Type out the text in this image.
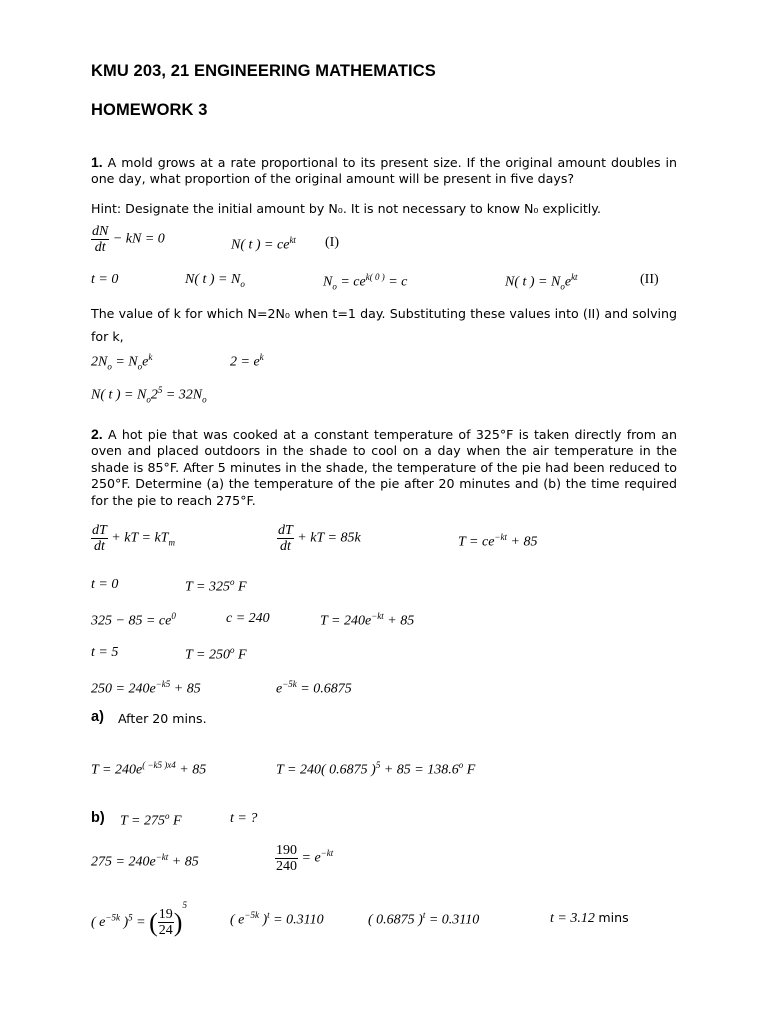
KMU 203, 21 ENGINEERING MATHEMATICS
HOMEWORK 3

1. A mold grows at a rate proportional to its present size. If the original amount doubles in one day, what proportion of the original amount will be present in five days?

Hint: Designate the initial amount by N₀. It is not necessary to know N₀ explicitly.

$\frac{dN}{dt}$ − kN = 0	N( t ) = $ce^{kt}$ (I)
t = 0	N( t ) = $N_o$	$N_o = ce^{k( 0 )} = c$	N( t ) = $N_oe^{kt}$	(II)

The value of k for which N=2N₀ when t=1 day. Substituting these values into (II) and solving for k,

$2N_o = N_oe^k$	$2 = e^k$
N( t ) = $N_o2^5 = 32N_o$

2. A hot pie that was cooked at a constant temperature of 325°F is taken directly from an oven and placed outdoors in the shade to cool on a day when the air temperature in the shade is 85°F. After 5 minutes in the shade, the temperature of the pie had been reduced to 250°F. Determine (a) the temperature of the pie after 20 minutes and (b) the time required for the pie to reach 275°F.

$\frac{dT}{dt}$ + kT = $kT_m$	$\frac{dT}{dt}$ + kT = 85k	$T = ce^{-kt} + 85$
t = 0	$T = 325^o$ F
$325 - 85 = ce^0$	c = 240	$T = 240e^{-kt} + 85$
t = 5	$T = 250^o$ F
$250 = 240e^{-k5} + 85$	$e^{-5k} = 0.6875$
a) After 20 mins.
$T = 240e^{( -k5 )x4} + 85$	T = 240( 0.6875 )$^5 + 85 = 138.6^o$ F
b) $T = 275^o$ F	t = ?
$275 = 240e^{-kt} + 85$	$\frac{190}{240} = e^{-kt}$
( $e^{-5k}$ )$^5$ = ( $\frac{19}{24} )^5$
( $e^{-5k}$ )$^t$ = 0.3110	( 0.6875 )$^t$ = 0.3110	t = 3.12 mins
